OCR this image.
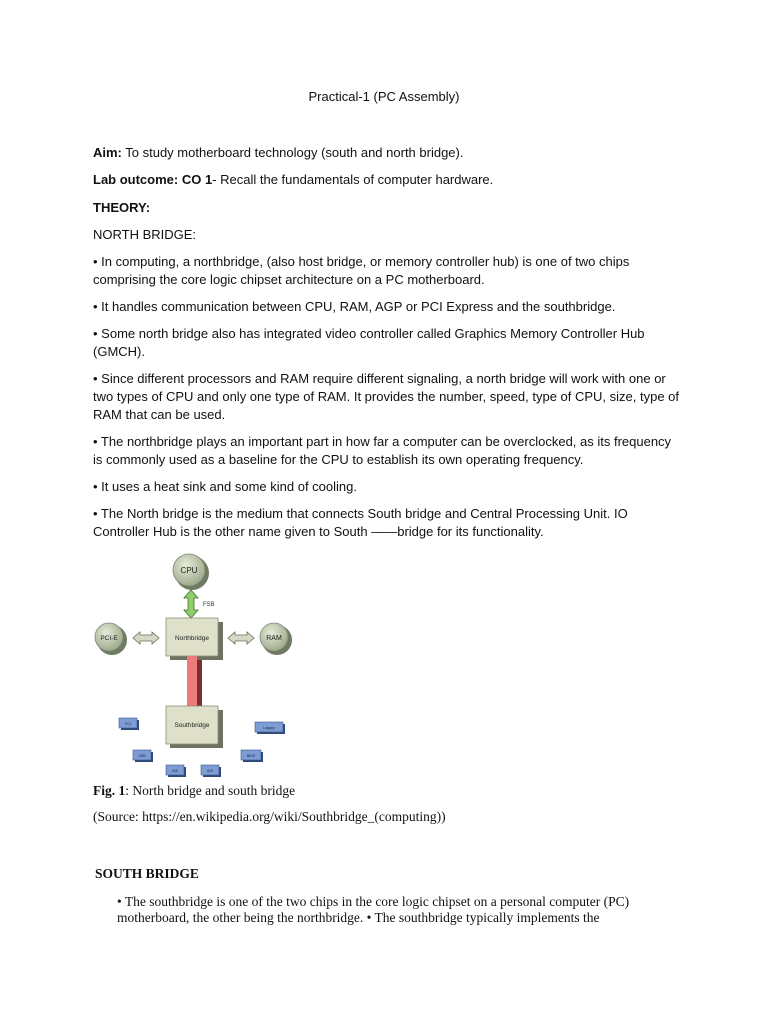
Practical-1 (PC Assembly)

Aim: To study motherboard technology (south and north bridge).

Lab outcome: CO 1- Recall the fundamentals of computer hardware.

THEORY:

NORTH BRIDGE:

• In computing, a northbridge, (also host bridge, or memory controller hub) is one of two chips comprising the core logic chipset architecture on a PC motherboard.

• It handles communication between CPU, RAM, AGP or PCI Express and the southbridge.

• Some north bridge also has integrated video controller called Graphics Memory Controller Hub (GMCH).

• Since different processors and RAM require different signaling, a north bridge will work with one or two types of CPU and only one type of RAM. It provides the number, speed, type of CPU, size, type of RAM that can be used.

• The northbridge plays an important part in how far a computer can be overclocked, as its frequency is commonly used as a baseline for the CPU to establish its own operating frequency.

• It uses a heat sink and some kind of cooling.

• The North bridge is the medium that connects South bridge and Central Processing Unit. IO Controller Hub is the other name given to South ——bridge for its functionality.

CPU
FSB
Northbridge
PCI-E	RAM
Southbridge
PCI
USB
Legacy
BIOS
ISA	IDE

Fig. 1: North bridge and south bridge

(Source: https://en.wikipedia.org/wiki/Southbridge_(computing))

SOUTH BRIDGE

• The southbridge is one of the two chips in the core logic chipset on a personal computer (PC) motherboard, the other being the northbridge. • The southbridge typically implements the
